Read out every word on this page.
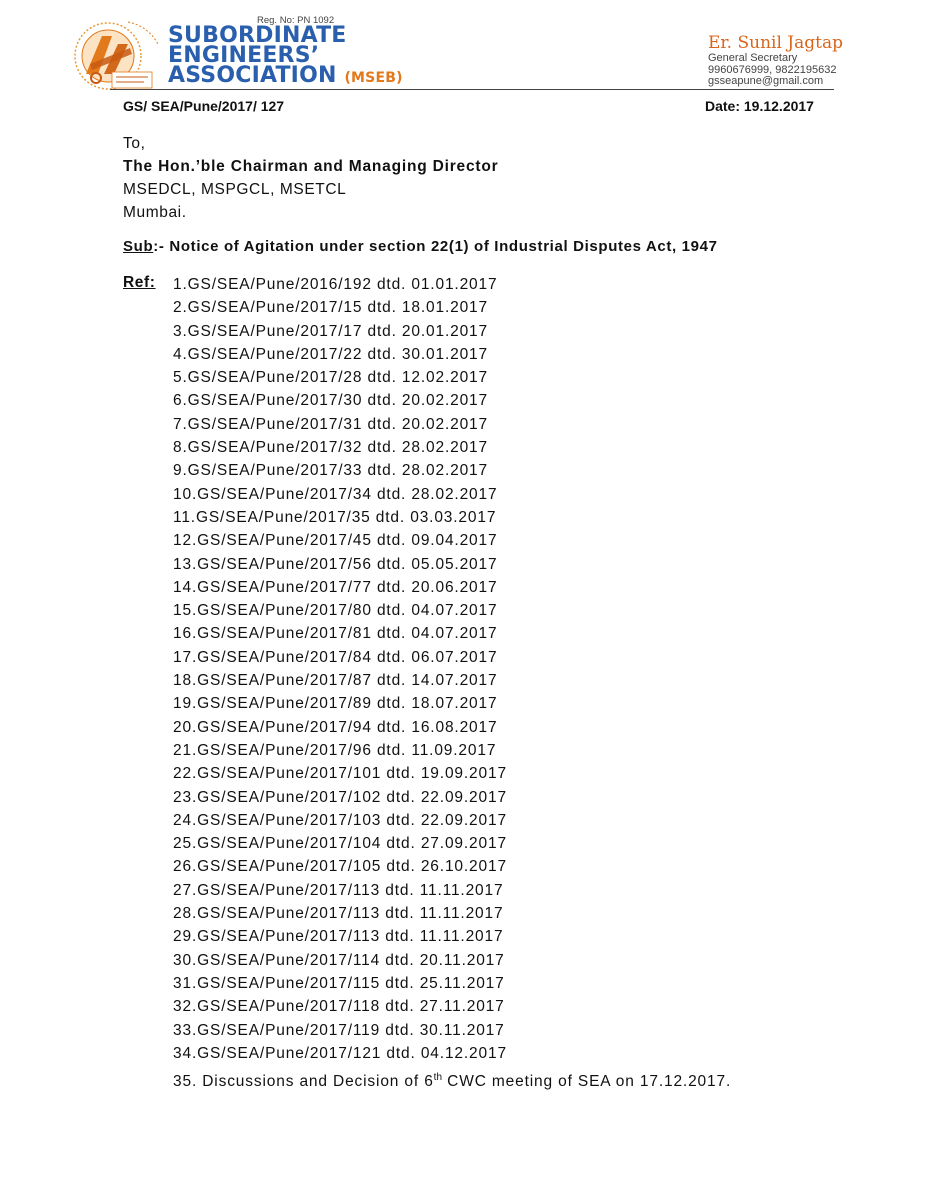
Reg. No: PN 1092
SUBORDINATE
ENGINEERS’
ASSOCIATION (MSEB)
Er. Sunil Jagtap
General Secretary
9960676999, 9822195632
gsseapune@gmail.com
GS/ SEA/Pune/2017/ 127	Date: 19.12.2017
To,
The Hon.’ble Chairman and Managing Director
MSEDCL, MSPGCL, MSETCL
Mumbai.
Sub:- Notice of Agitation under section 22(1) of Industrial Disputes Act, 1947
Ref: 1.GS/SEA/Pune/2016/192 dtd. 01.01.2017
2.GS/SEA/Pune/2017/15 dtd. 18.01.2017
3.GS/SEA/Pune/2017/17 dtd. 20.01.2017
4.GS/SEA/Pune/2017/22 dtd. 30.01.2017
5.GS/SEA/Pune/2017/28 dtd. 12.02.2017
6.GS/SEA/Pune/2017/30 dtd. 20.02.2017
7.GS/SEA/Pune/2017/31 dtd. 20.02.2017
8.GS/SEA/Pune/2017/32 dtd. 28.02.2017
9.GS/SEA/Pune/2017/33 dtd. 28.02.2017
10.GS/SEA/Pune/2017/34 dtd. 28.02.2017
11.GS/SEA/Pune/2017/35 dtd. 03.03.2017
12.GS/SEA/Pune/2017/45 dtd. 09.04.2017
13.GS/SEA/Pune/2017/56 dtd. 05.05.2017
14.GS/SEA/Pune/2017/77 dtd. 20.06.2017
15.GS/SEA/Pune/2017/80 dtd. 04.07.2017
16.GS/SEA/Pune/2017/81 dtd. 04.07.2017
17.GS/SEA/Pune/2017/84 dtd. 06.07.2017
18.GS/SEA/Pune/2017/87 dtd. 14.07.2017
19.GS/SEA/Pune/2017/89 dtd. 18.07.2017
20.GS/SEA/Pune/2017/94 dtd. 16.08.2017
21.GS/SEA/Pune/2017/96 dtd. 11.09.2017
22.GS/SEA/Pune/2017/101 dtd. 19.09.2017
23.GS/SEA/Pune/2017/102 dtd. 22.09.2017
24.GS/SEA/Pune/2017/103 dtd. 22.09.2017
25.GS/SEA/Pune/2017/104 dtd. 27.09.2017
26.GS/SEA/Pune/2017/105 dtd. 26.10.2017
27.GS/SEA/Pune/2017/113 dtd. 11.11.2017
28.GS/SEA/Pune/2017/113 dtd. 11.11.2017
29.GS/SEA/Pune/2017/113 dtd. 11.11.2017
30.GS/SEA/Pune/2017/114 dtd. 20.11.2017
31.GS/SEA/Pune/2017/115 dtd. 25.11.2017
32.GS/SEA/Pune/2017/118 dtd. 27.11.2017
33.GS/SEA/Pune/2017/119 dtd. 30.11.2017
34.GS/SEA/Pune/2017/121 dtd. 04.12.2017
35. Discussions and Decision of 6th CWC meeting of SEA on 17.12.2017.
